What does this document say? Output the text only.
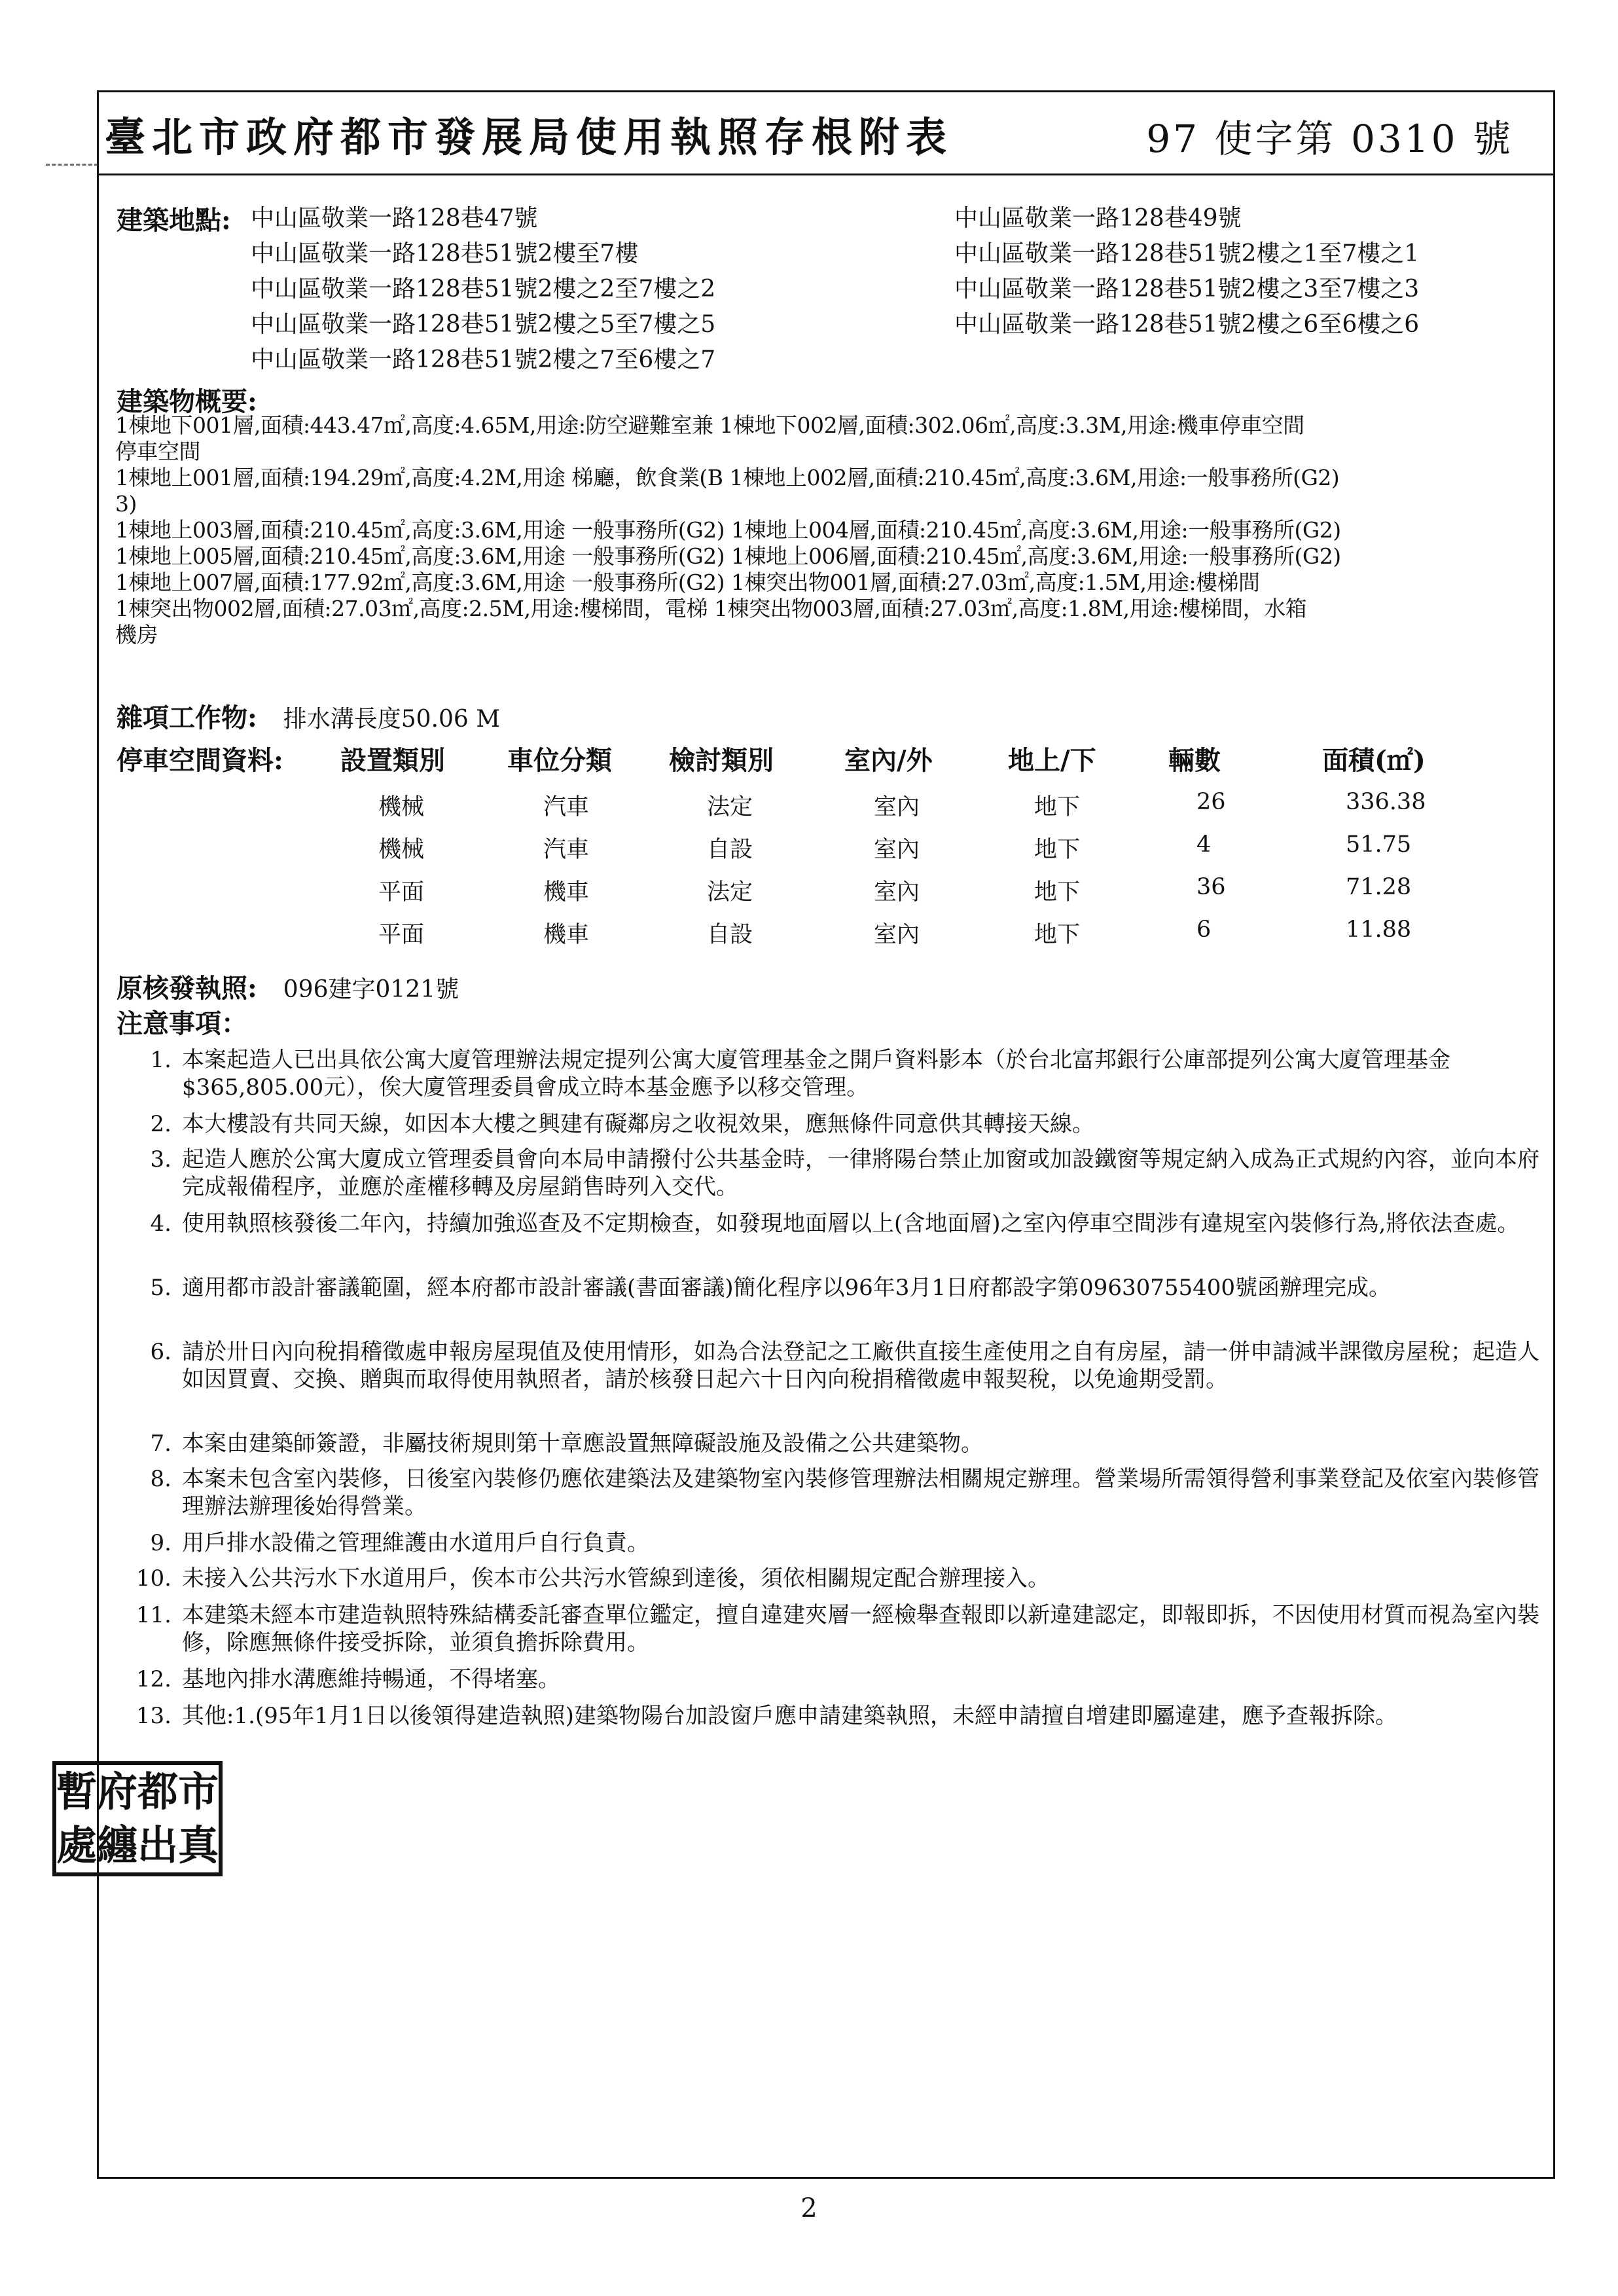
臺北市政府都市發展局使用執照存根附表	97 使字第 0310 號
建築地點: 中山區敬業一路128巷47號	中山區敬業一路128巷49號
中山區敬業一路128巷51號2樓至7樓	中山區敬業一路128巷51號2樓之1至7樓之1
中山區敬業一路128巷51號2樓之2至7樓之2	中山區敬業一路128巷51號2樓之3至7樓之3
中山區敬業一路128巷51號2樓之5至7樓之5	中山區敬業一路128巷51號2樓之6至6樓之6
中山區敬業一路128巷51號2樓之7至6樓之7
建築物概要:
1棟地下001層,面積:443.47㎡,高度:4.65M,用途:防空避難室兼 1棟地下002層,面積:302.06㎡,高度:3.3M,用途:機車停車空間
停車空間
1棟地上001層,面積:194.29㎡,高度:4.2M,用途 梯廳，飲食業(B 1棟地上002層,面積:210.45㎡,高度:3.6M,用途:一般事務所(G2)
3)
1棟地上003層,面積:210.45㎡,高度:3.6M,用途 一般事務所(G2) 1棟地上004層,面積:210.45㎡,高度:3.6M,用途:一般事務所(G2)
1棟地上005層,面積:210.45㎡,高度:3.6M,用途 一般事務所(G2) 1棟地上006層,面積:210.45㎡,高度:3.6M,用途:一般事務所(G2)
1棟地上007層,面積:177.92㎡,高度:3.6M,用途 一般事務所(G2) 1棟突出物001層,面積:27.03㎡,高度:1.5M,用途:樓梯間
1棟突出物002層,面積:27.03㎡,高度:2.5M,用途:樓梯間，電梯 1棟突出物003層,面積:27.03㎡,高度:1.8M,用途:樓梯間，水箱
機房
雜項工作物: 排水溝長度50.06 M
停車空間資料: 設置類別 車位分類 檢討類別	室內/外	地上/下	輛數	面積(㎡)
機械	汽車	法定	室內	地下	26	336.38
機械	汽車	自設	室內	地下	4	51.75
平面	機車	法定	室內	地下	36	71.28
平面	機車	自設	室內	地下	6	11.88
原核發執照: 096建字0121號
注意事項：
1. 本案起造人已出具依公寓大廈管理辦法規定提列公寓大廈管理基金之開戶資料影本（於台北富邦銀行公庫部提列公寓大廈管理基金$365,805.00元），俟大廈管理委員會成立時本基金應予以移交管理。
2. 本大樓設有共同天線，如因本大樓之興建有礙鄰房之收視效果，應無條件同意供其轉接天線。
3. 起造人應於公寓大廈成立管理委員會向本局申請撥付公共基金時，一律將陽台禁止加窗或加設鐵窗等規定納入成為正式規約內容，並向本府完成報備程序，並應於產權移轉及房屋銷售時列入交代。
4. 使用執照核發後二年內，持續加強巡查及不定期檢查，如發現地面層以上(含地面層)之室內停車空間涉有違規室內裝修行為,將依法查處。
5. 適用都市設計審議範圍，經本府都市設計審議(書面審議)簡化程序以96年3月1日府都設字第09630755400號函辦理完成。
6. 請於卅日內向稅捐稽徵處申報房屋現值及使用情形，如為合法登記之工廠供直接生產使用之自有房屋，請一併申請減半課徵房屋稅；起造人如因買賣、交換、贈與而取得使用執照者，請於核發日起六十日內向稅捐稽徵處申報契稅，以免逾期受罰。
7. 本案由建築師簽證，非屬技術規則第十章應設置無障礙設施及設備之公共建築物。
8. 本案未包含室內裝修，日後室內裝修仍應依建築法及建築物室內裝修管理辦法相關規定辦理。營業場所需領得營利事業登記及依室內裝修管理辦法辦理後始得營業。
9. 用戶排水設備之管理維護由水道用戶自行負責。
10. 未接入公共污水下水道用戶，俟本市公共污水管線到達後，須依相關規定配合辦理接入。
11. 本建築未經本市建造執照特殊結構委託審查單位鑑定，擅自違建夾層一經檢舉查報即以新違建認定，即報即拆，不因使用材質而視為室內裝修，除應無條件接受拆除，並須負擔拆除費用。
12. 基地內排水溝應維持暢通，不得堵塞。
13. 其他:1.(95年1月1日以後領得建造執照)建築物陽台加設窗戶應申請建築執照，未經申請擅自增建即屬違建，應予查報拆除。
暫 府 都 市
處 纏 出 真
2
